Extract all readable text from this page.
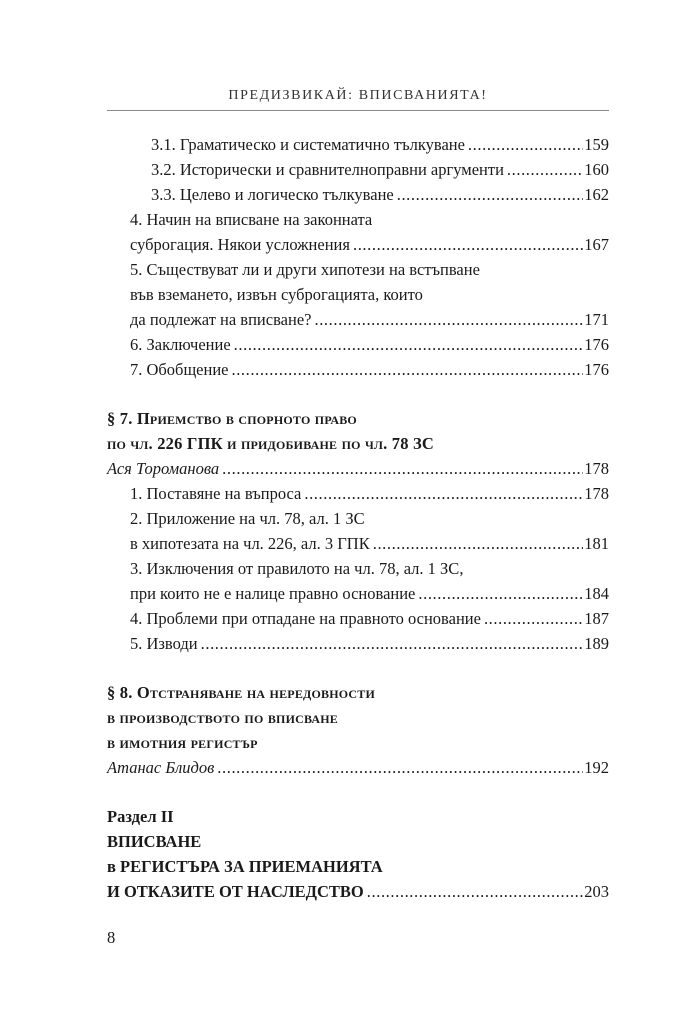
ПРЕДИЗВИКАЙ: ВПИСВАНИЯТА!
3.1. Граматическо и систематично тълкуване .....	159
3.2. Исторически и сравнителноправни аргументи .....	160
3.3. Целево и логическо тълкуване .....	162
4. Начин на вписване на законната
суброгация. Някои усложнения .....	167
5. Съществуват ли и други хипотези на встъпване
във вземането, извън суброгацията, които
да подлежат на вписване? .....	171
6. Заключение .....	176
7. Обобщение .....	176
§ 7. Приемство в спорното право
по чл. 226 ГПК и придобиване по чл. 78 ЗС
Ася Тороманова .....	178
1. Поставяне на въпроса .....	178
2. Приложение на чл. 78, ал. 1 ЗС
в хипотезата на чл. 226, ал. 3 ГПК .....	181
3. Изключения от правилото на чл. 78, ал. 1 ЗС,
при които не е налице правно основание .....	184
4. Проблеми при отпадане на правното основание .....	187
5. Изводи .....	189
§ 8. Отстраняване на нередовности
в производството по вписване
в имотния регистър
Атанас Блидов .....	192
Раздел II
ВПИСВАНЕ
в РЕГИСТЪРА ЗА ПРИЕМАНИЯТА
И ОТКАЗИТЕ ОТ НАСЛЕДСТВО .....	203
8
